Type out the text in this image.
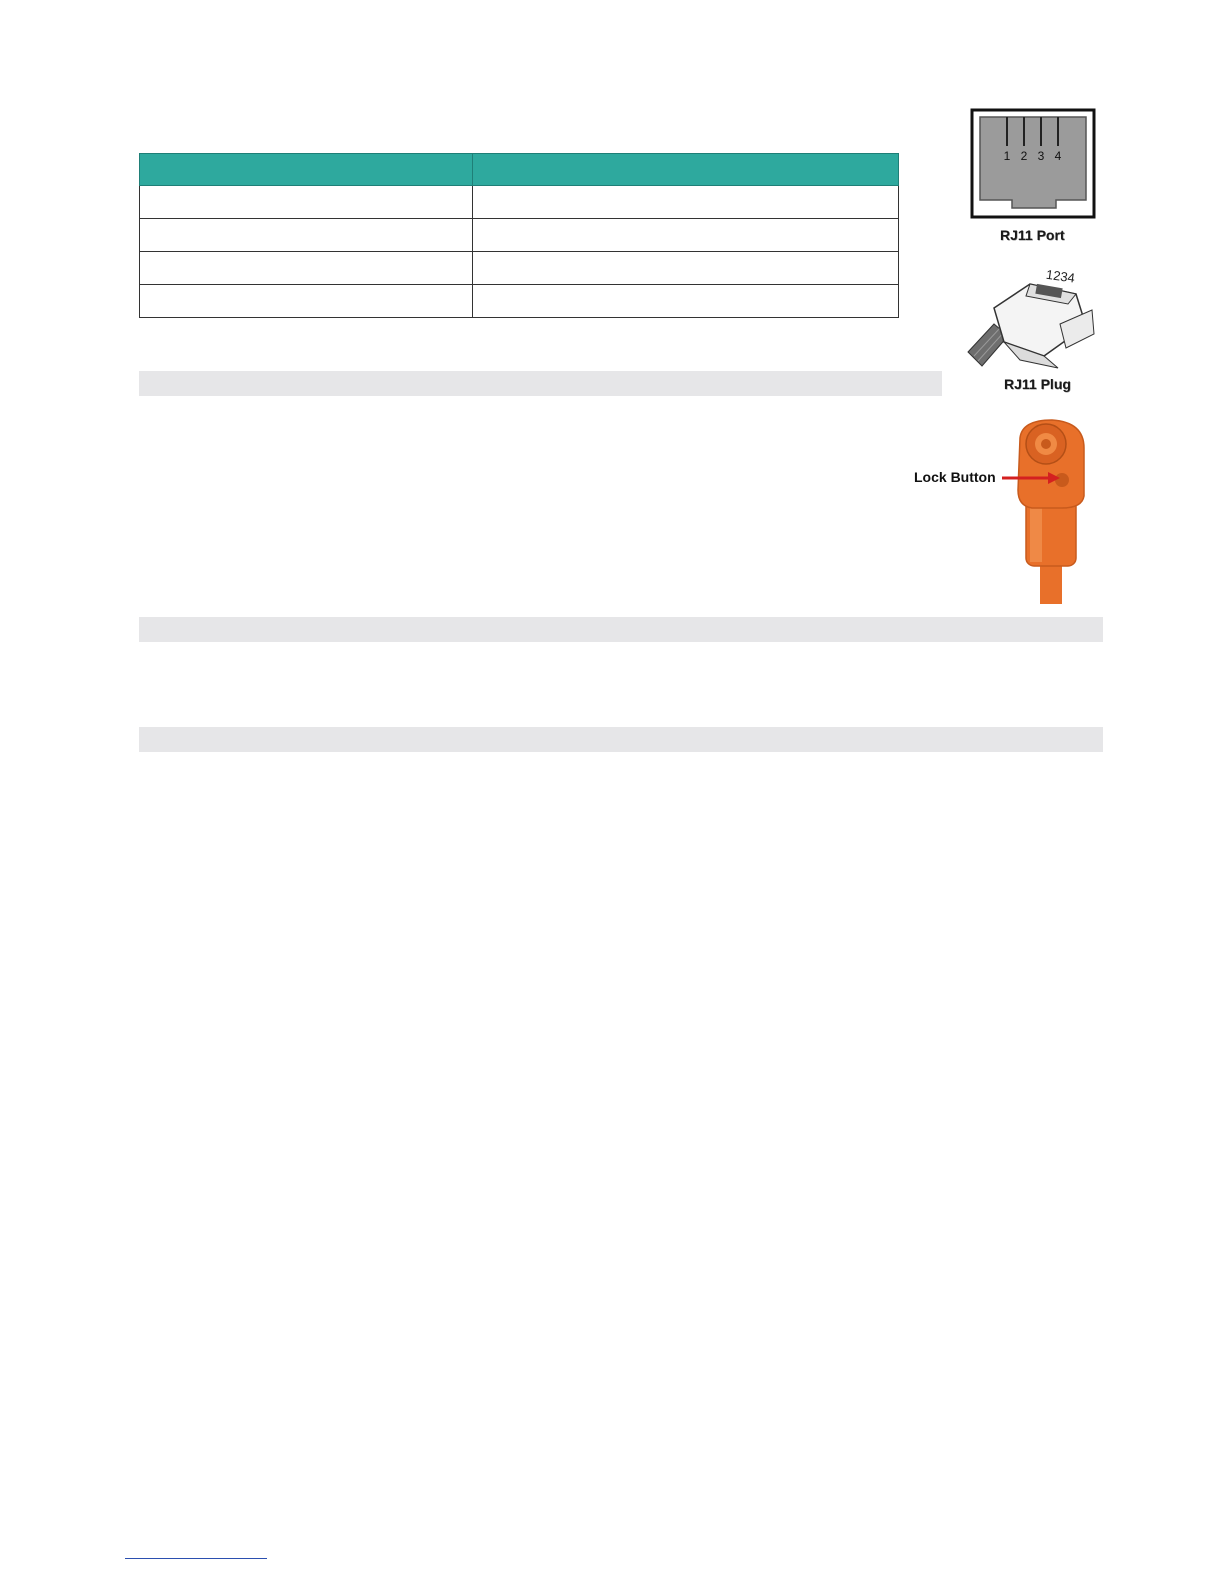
1 2 3 4
RJ11 Port
1234
RJ11 Plug
Lock Button
